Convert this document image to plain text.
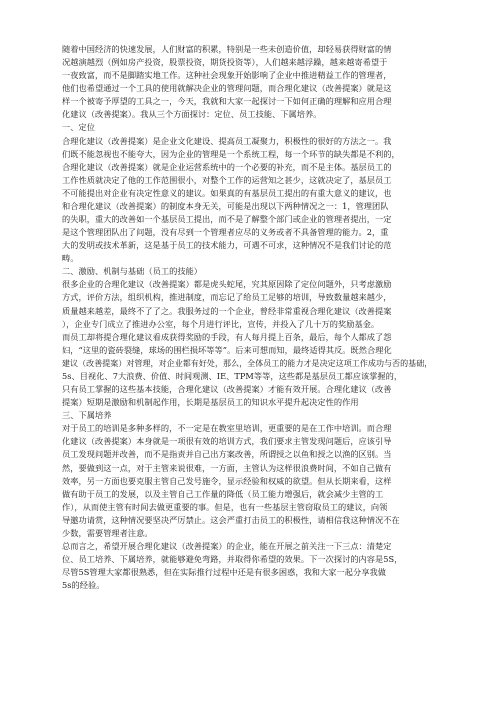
随着中国经济的快速发展，人们财富的积累，特别是一些未创造价值，却轻易获得财富的情
况越演越烈（例如房产投资，股票投资，期货投资等），人们越来越浮躁，越来越寄希望于
一夜致富，而不是脚踏实地工作。这种社会现象开始影响了企业中推进精益工作的管理者，
他们也希望通过一个工具的使用就解决企业的管理问题，而合理化建议（改善提案）就是这
样一个被寄予厚望的工具之一，今天，我就和大家一起探讨一下如何正确的理解和应用合理
化建议（改善提案）。我从三个方面探讨：定位、员工技能、下属培养。
一、定位
合理化建议（改善提案）是企业文化建设、提高员工凝聚力，积极性的很好的方法之一。我
们既不能忽视也不能夸大，因为企业的管理是一个系统工程，每一个环节的缺失都是不利的，
合理化建议（改善提案）就是企业运营系统中的一个必要的补充，而不是主体。基层员工的
工作性质就决定了他的工作范围很小，对整个工作的运营知之甚少，这就决定了，基层员工
不可能提出对企业有决定性意义的建议。如果真的有基层员工提出的有重大意义的建议，也
和合理化建议（改善提案）的制度本身无关，可能是出现以下两种情况之一：1，管理团队
的失职，重大的改善如一个基层员工提出，而不是了解整个部门或企业的管理者提出，一定
是这个管理团队出了问题，没有尽到一个管理者应尽的义务或者不具备管理的能力。2，重
大的发明或技术革新，这是基于员工的技术能力，可遇不可求，这种情况不是我们讨论的范
畴。
二、激励、机制与基础（员工的技能）
很多企业的合理化建议（改善提案）都是虎头蛇尾，究其原因除了定位问题外，只考虑激励
方式，评价方法，组织机构，推进制度，而忘记了给员工足够的培训，导致数量越来越少，
质量越来越差，最终不了了之。我服务过的一个企业，曾经非常重视合理化建议（改善提案
），企业专门成立了推进办公室，每个月进行评比，宣传，并投入了几十万的奖励基金。
而员工却将提合理化建议看成获得奖励的手段，有人每月提上百条，最后，每个人都成了怨
妇，“这里的瓷砖裂缝，球场的围栏损坏等等”。后来可想而知，最终适得其反。既然合理化
建议（改善提案）对管理，对企业都有好处，那么，全体员工的能力才是决定这项工作成功与否的基础，
5s、目视化、7大浪费、价值、时间观测、IE、TPM等等，这些都是基层员工都应该掌握的，
只有员工掌握的这些基本技能，合理化建议（改善提案）才能有效开展。合理化建议（改善
提案）短期是激励和机制起作用，长期是基层员工的知识水平提升起决定性的作用
三、下属培养
对于员工的培训是多种多样的，不一定是在教室里培训，更重要的是在工作中培训。而合理
化建议（改善提案）本身就是一项很有效的培训方式，我们要求主管发现问题后，应该引导
员工发现问题并改善，而不是指责并自己出方案改善，所谓授之以鱼和授之以渔的区别。当
然，要做到这一点，对于主管来说很难，一方面，主管认为这样很浪费时间，不如自己做有
效率，另一方面也要克服主管自己发号施令，显示经验和权威的欲望。但从长期来看，这样
做有助于员工的发展，以及主管自己工作量的降低（员工能力增强后，就会减少主管的工
作），从而使主管有时间去做更重要的事。但是，也有一些基层主管窃取员工的建议，向领
导邀功请赏，这种情况要坚决严厉禁止。这会严重打击员工的积极性，请相信我这种情况不在
少数，需要管理者注意。
总而言之，希望开展合理化建议（改善提案）的企业，能在开展之前关注一下三点：清楚定
位、员工培养、下属培养，就能够避免弯路，并取得你希望的效果。下一次探讨的内容是5S，
尽管5S管理大家都很熟悉，但在实际推行过程中还是有很多困惑，我和大家一起分享我做
5s的经验。
